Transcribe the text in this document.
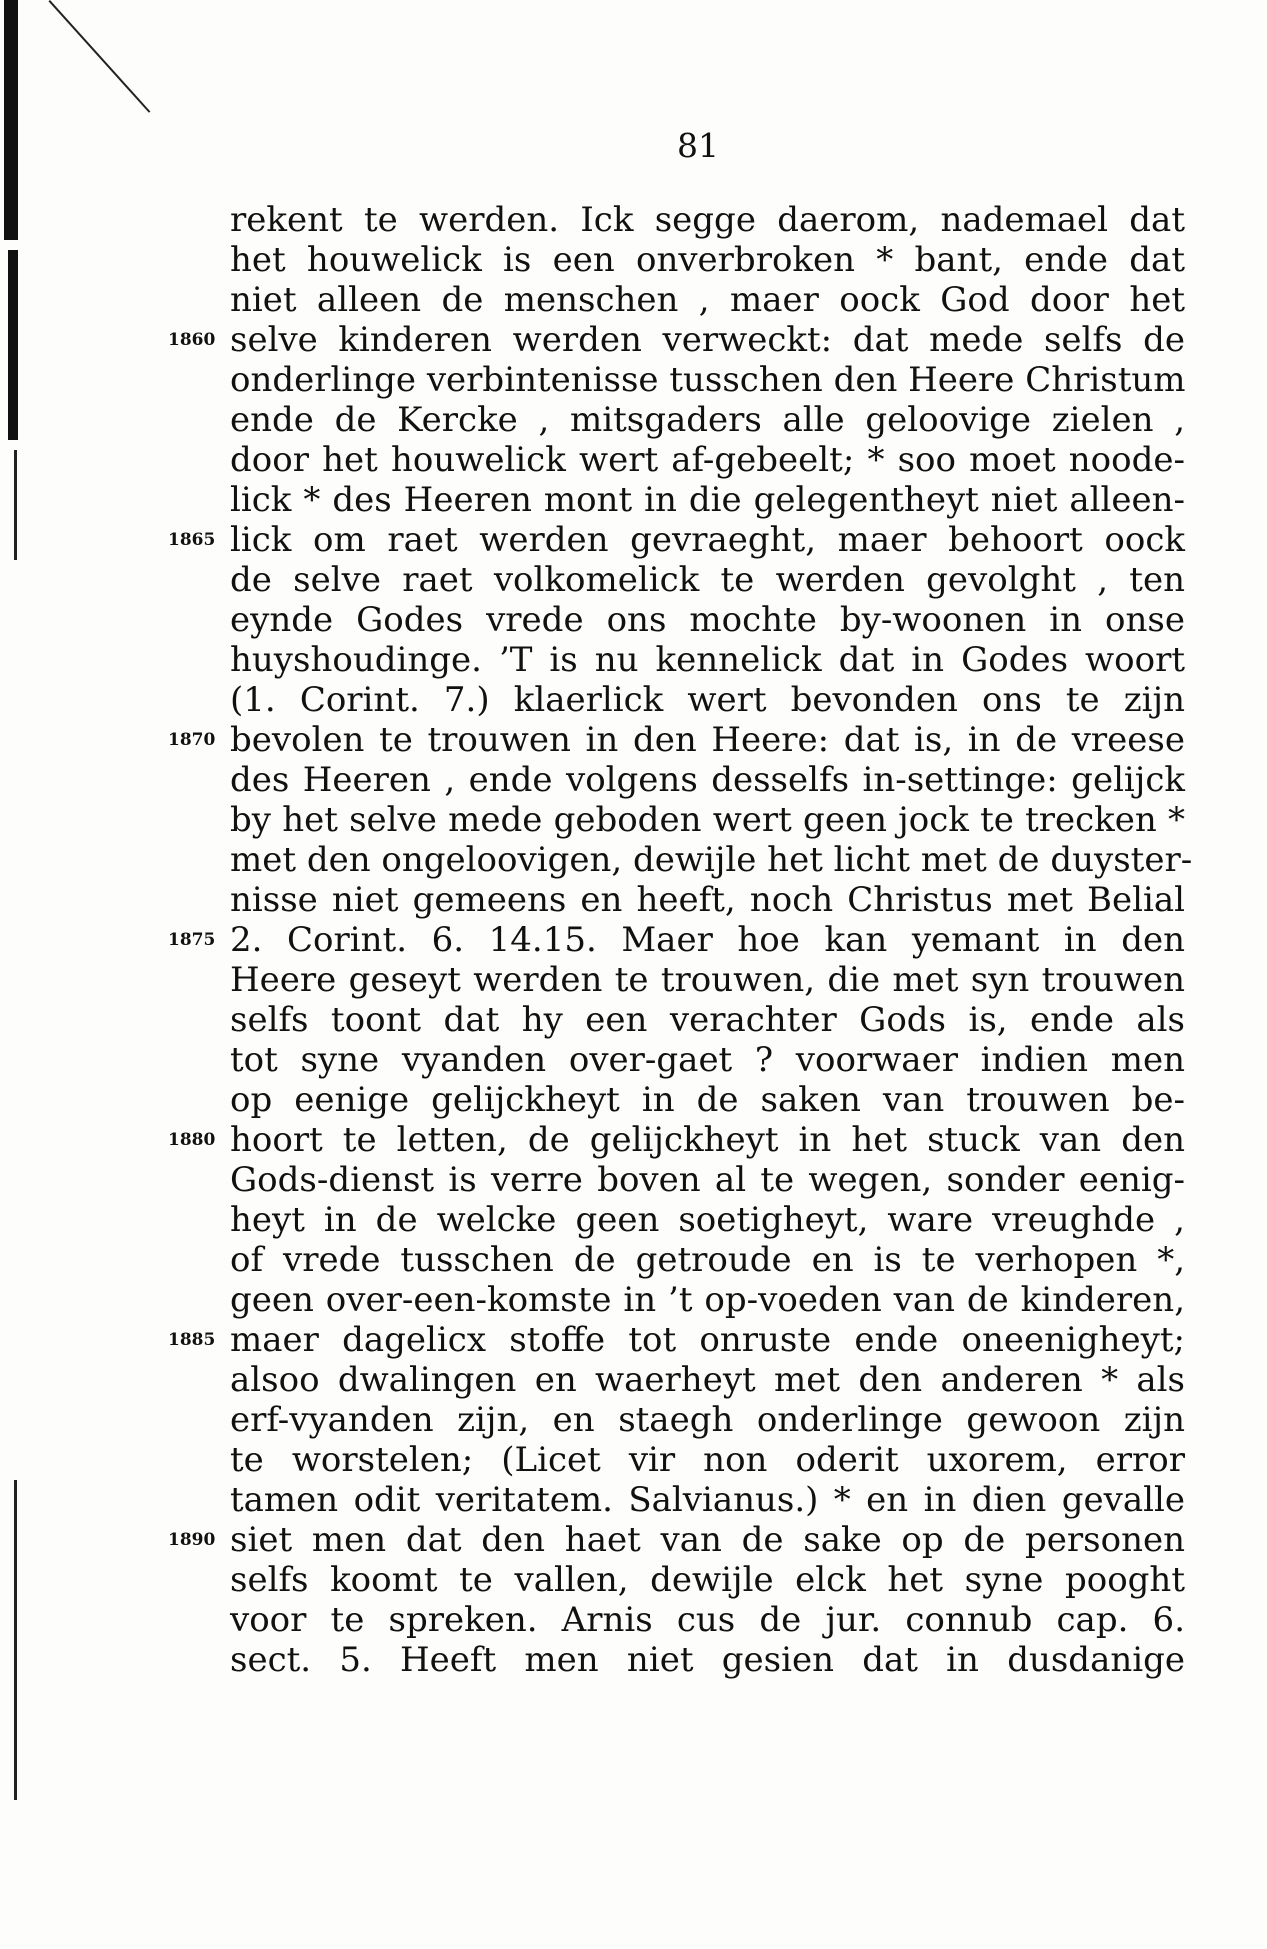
81
rekent te werden. Ick segge daerom, nademael dat
het houwelick is een onverbroken * bant, ende dat
niet alleen de menschen , maer oock God door het
1860 selve kinderen werden verweckt: dat mede selfs de
onderlinge verbintenisse tusschen den Heere Christum
ende de Kercke , mitsgaders alle geloovige zielen ,
door het houwelick wert af-gebeelt; * soo moet noode-
lick * des Heeren mont in die gelegentheyt niet alleen-
1865 lick om raet werden gevraeght, maer behoort oock
de selve raet volkomelick te werden gevolght , ten
eynde Godes vrede ons mochte by-woonen in onse
huyshoudinge. ’T is nu kennelick dat in Godes woort
(1. Corint. 7.) klaerlick wert bevonden ons te zijn
1870 bevolen te trouwen in den Heere: dat is, in de vreese
des Heeren , ende volgens desselfs in-settinge: gelijck
by het selve mede geboden wert geen jock te trecken *
met den ongeloovigen, dewijle het licht met de duyster-
nisse niet gemeens en heeft, noch Christus met Belial
1875 2. Corint. 6. 14.15. Maer hoe kan yemant in den
Heere geseyt werden te trouwen, die met syn trouwen
selfs toont dat hy een verachter Gods is, ende als
tot syne vyanden over-gaet ? voorwaer indien men
op eenige gelijckheyt in de saken van trouwen be-
1880 hoort te letten, de gelijckheyt in het stuck van den
Gods-dienst is verre boven al te wegen, sonder eenig-
heyt in de welcke geen soetigheyt, ware vreughde ,
of vrede tusschen de getroude en is te verhopen *,
geen over-een-komste in ’t op-voeden van de kinderen,
1885 maer dagelicx stoffe tot onruste ende oneenigheyt;
alsoo dwalingen en waerheyt met den anderen * als
erf-vyanden zijn, en staegh onderlinge gewoon zijn
te worstelen; (Licet vir non oderit uxorem, error
tamen odit veritatem. Salvianus.) * en in dien gevalle
1890 siet men dat den haet van de sake op de personen
selfs koomt te vallen, dewijle elck het syne pooght
voor te spreken. Arnis cus de jur. connub cap. 6.
sect. 5. Heeft men niet gesien dat in dusdanige
